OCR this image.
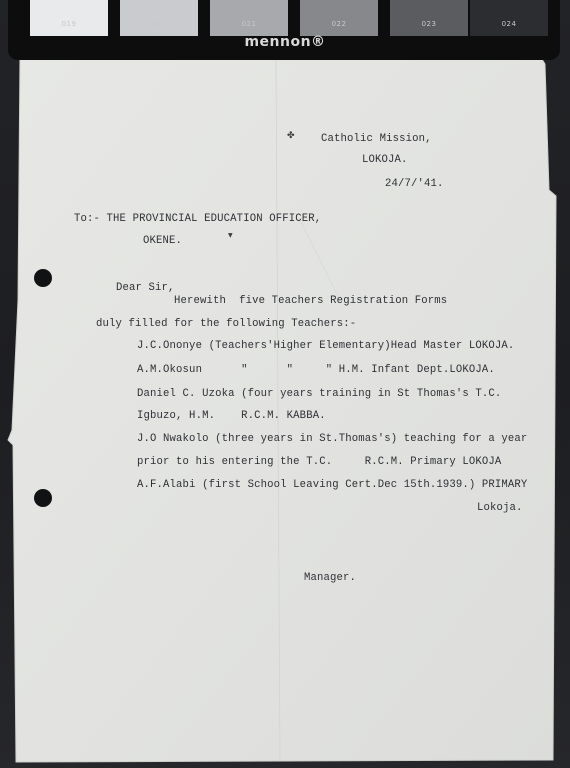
✤
▼
Catholic Mission,
LOKOJA.
24/7/'41.
To:- THE PROVINCIAL EDUCATION OFFICER,
OKENE.
Dear Sir,
Herewith  five Teachers Registration Forms
duly filled for the following Teachers:-
J.C.Ononye (Teachers'Higher Elementary)Head Master LOKOJA.
A.M.Okosun      "      "     " H.M. Infant Dept.LOKOJA.
Daniel C. Uzoka (four years training in St Thomas's T.C.
Igbuzo, H.M.    R.C.M. KABBA.
J.O Nwakolo (three years in St.Thomas's) teaching for a year
prior to his entering the T.C.     R.C.M. Primary LOKOJA
A.F.Alabi (first School Leaving Cert.Dec 15th.1939.) PRIMARY
Lokoja.
Manager.
019	020	021	022	023	024
mennon®
